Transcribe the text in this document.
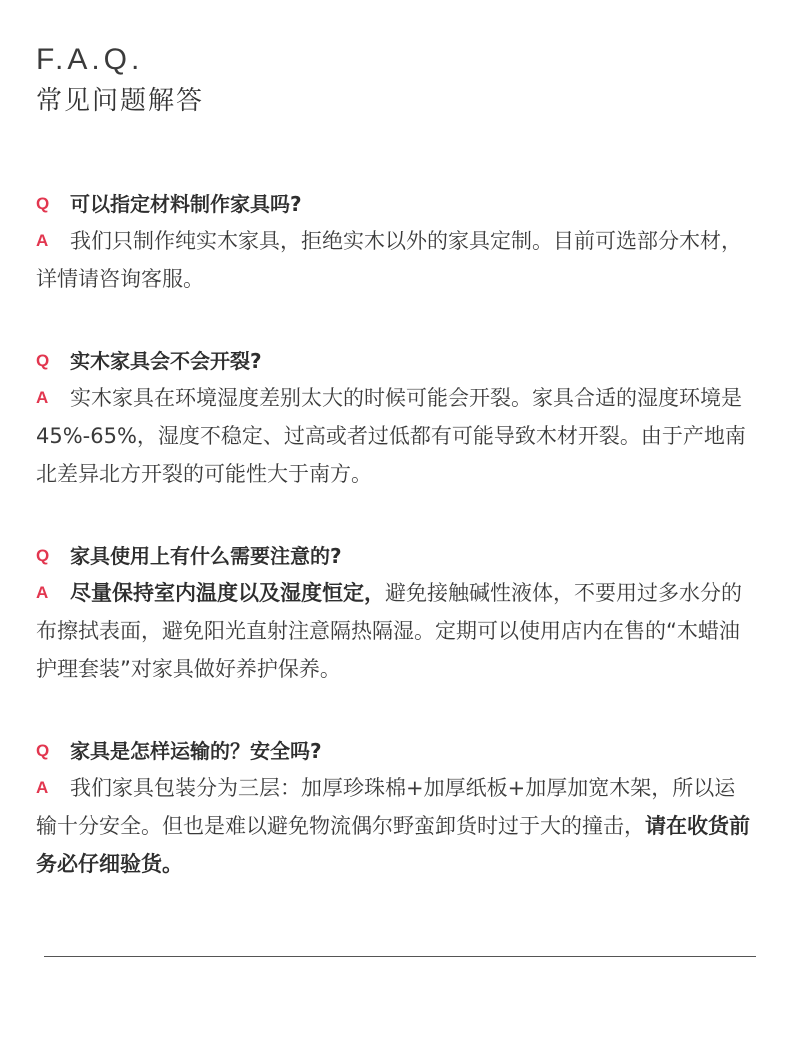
F.A.Q.
常见问题解答
Q	可以指定材料制作家具吗?
A	我们只制作纯实木家具，拒绝实木以外的家具定制。目前可选部分木材，详情请咨询客服。
Q	实木家具会不会开裂?
A	实木家具在环境湿度差别太大的时候可能会开裂。家具合适的湿度环境是45%-65%，湿度不稳定、过高或者过低都有可能导致木材开裂。由于产地南北差异北方开裂的可能性大于南方。
Q	家具使用上有什么需要注意的?
A	尽量保持室内温度以及湿度恒定，避免接触碱性液体，不要用过多水分的布擦拭表面，避免阳光直射注意隔热隔湿。定期可以使用店内在售的“木蜡油护理套装”对家具做好养护保养。
Q	家具是怎样运输的？安全吗?
A	我们家具包装分为三层：加厚珍珠棉+加厚纸板+加厚加宽木架，所以运输十分安全。但也是难以避免物流偶尔野蛮卸货时过于大的撞击，请在收货前务必仔细验货。
